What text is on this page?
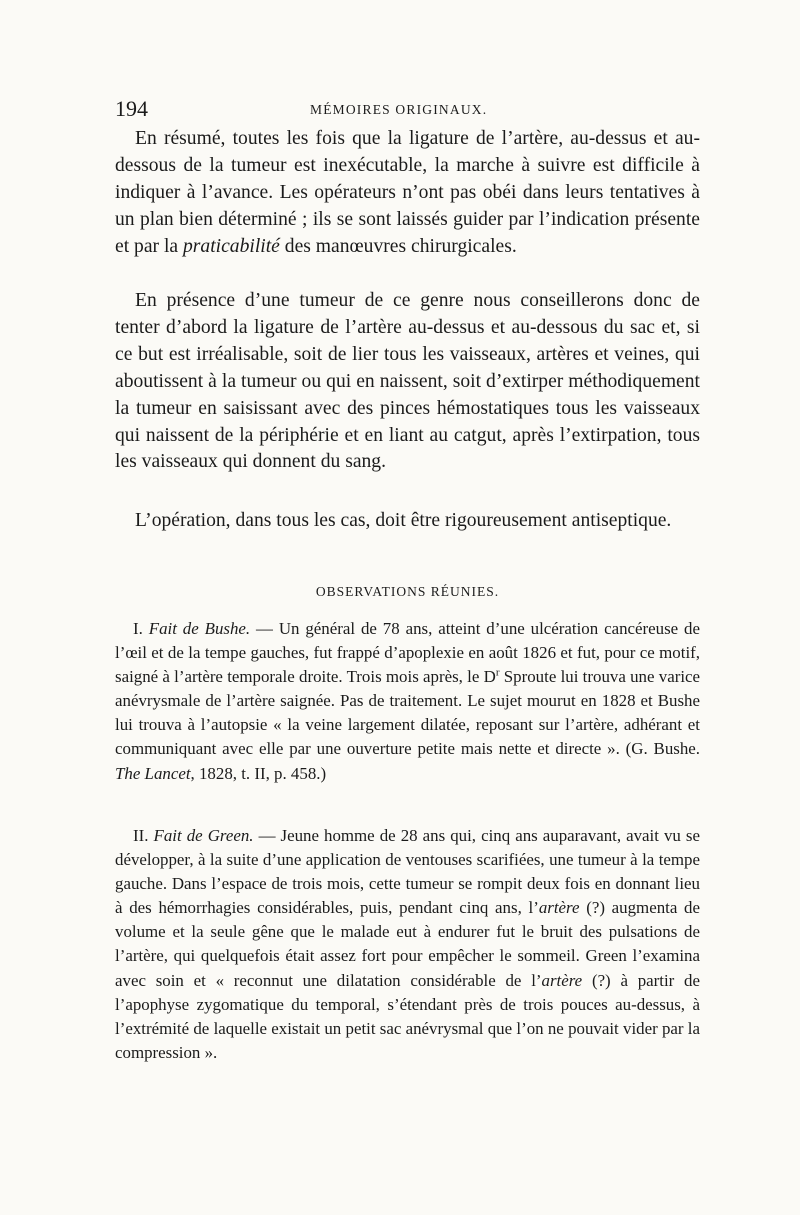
194	MÉMOIRES ORIGINAUX.

En résumé, toutes les fois que la ligature de l’artère, au-dessus et au-dessous de la tumeur est inexécutable, la marche à suivre est difficile à indiquer à l’avance. Les opérateurs n’ont pas obéi dans leurs tentatives à un plan bien déterminé ; ils se sont laissés guider par l’indication présente et par la praticabilité des manœuvres chirurgicales.

En présence d’une tumeur de ce genre nous conseillerons donc de tenter d’abord la ligature de l’artère au-dessus et au-dessous du sac et, si ce but est irréalisable, soit de lier tous les vaisseaux, artères et veines, qui aboutissent à la tumeur ou qui en naissent, soit d’extirper méthodiquement la tumeur en saisissant avec des pinces hémostatiques tous les vaisseaux qui naissent de la périphérie et en liant au catgut, après l’extirpation, tous les vaisseaux qui donnent du sang.

L’opération, dans tous les cas, doit être rigoureusement antiseptique.

OBSERVATIONS RÉUNIES.

I. Fait de Bushe. — Un général de 78 ans, atteint d’une ulcération cancéreuse de l’œil et de la tempe gauches, fut frappé d’apoplexie en août 1826 et fut, pour ce motif, saigné à l’artère temporale droite. Trois mois après, le $D^r$ Sproute lui trouva une varice anévrysmale de l’artère saignée. Pas de traitement. Le sujet mourut en 1828 et Bushe lui trouva à l’autopsie « la veine largement dilatée, reposant sur l’artère, adhérant et communiquant avec elle par une ouverture petite mais nette et directe ». (G. Bushe. The Lancet, 1828, t. II, p. 458.)

II. Fait de Green. — Jeune homme de 28 ans qui, cinq ans auparavant, avait vu se développer, à la suite d’une application de ventouses scarifiées, une tumeur à la tempe gauche. Dans l’espace de trois mois, cette tumeur se rompit deux fois en donnant lieu à des hémorrhagies considérables, puis, pendant cinq ans, l’artère (?) augmenta de volume et la seule gêne que le malade eut à endurer fut le bruit des pulsations de l’artère, qui quelquefois était assez fort pour empêcher le sommeil. Green l’examina avec soin et « reconnut une dilatation considérable de l’artère (?) à partir de l’apophyse zygomatique du temporal, s’étendant près de trois pouces au-dessus, à l’extrémité de laquelle existait un petit sac anévrysmal que l’on ne pouvait vider par la compression ».
